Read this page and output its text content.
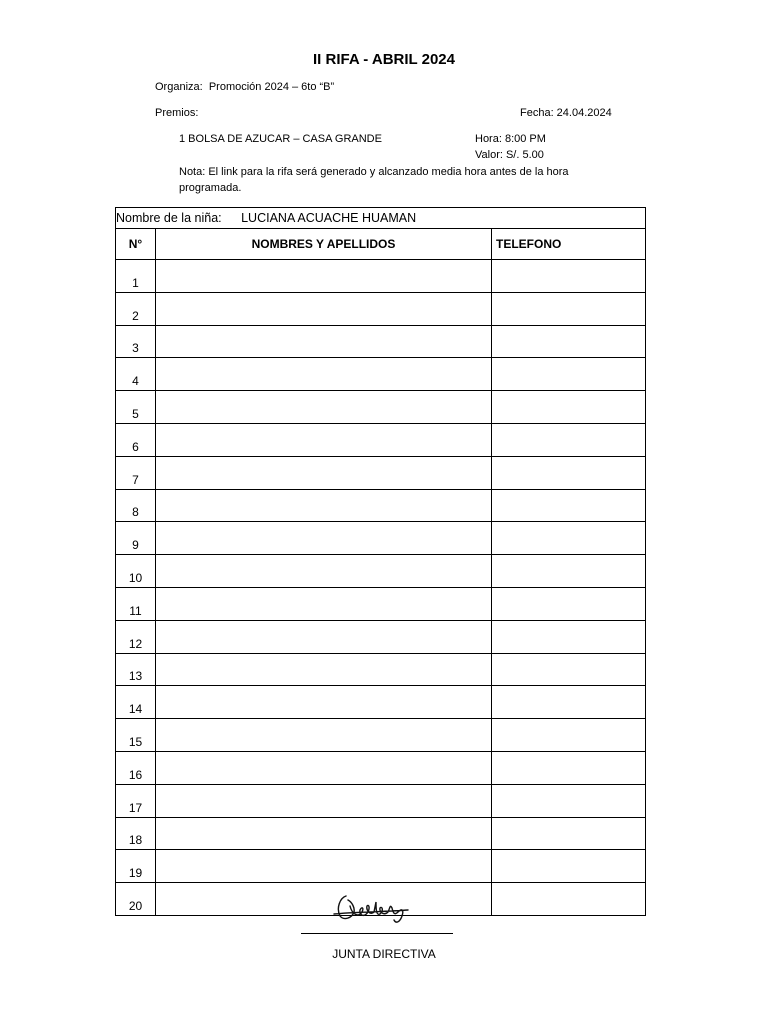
II RIFA - ABRIL 2024
Organiza: Promoción 2024 – 6to “B”
Premios:	Fecha: 24.04.2024
1 BOLSA DE AZUCAR – CASA GRANDE	Hora: 8:00 PM
Valor: S/. 5.00
Nota: El link para la rifa será generado y alcanzado media hora antes de la hora programada.
Nombre de la niña: LUCIANA ACUACHE HUAMAN		
N°	NOMBRES Y APELLIDOS	TELEFONO
1		
2		
3		
4		
5		
6		
7		
8		
9		
10		
11		
12		
13		
14		
15		
16		
17		
18		
19		
20		
JUNTA DIRECTIVA
